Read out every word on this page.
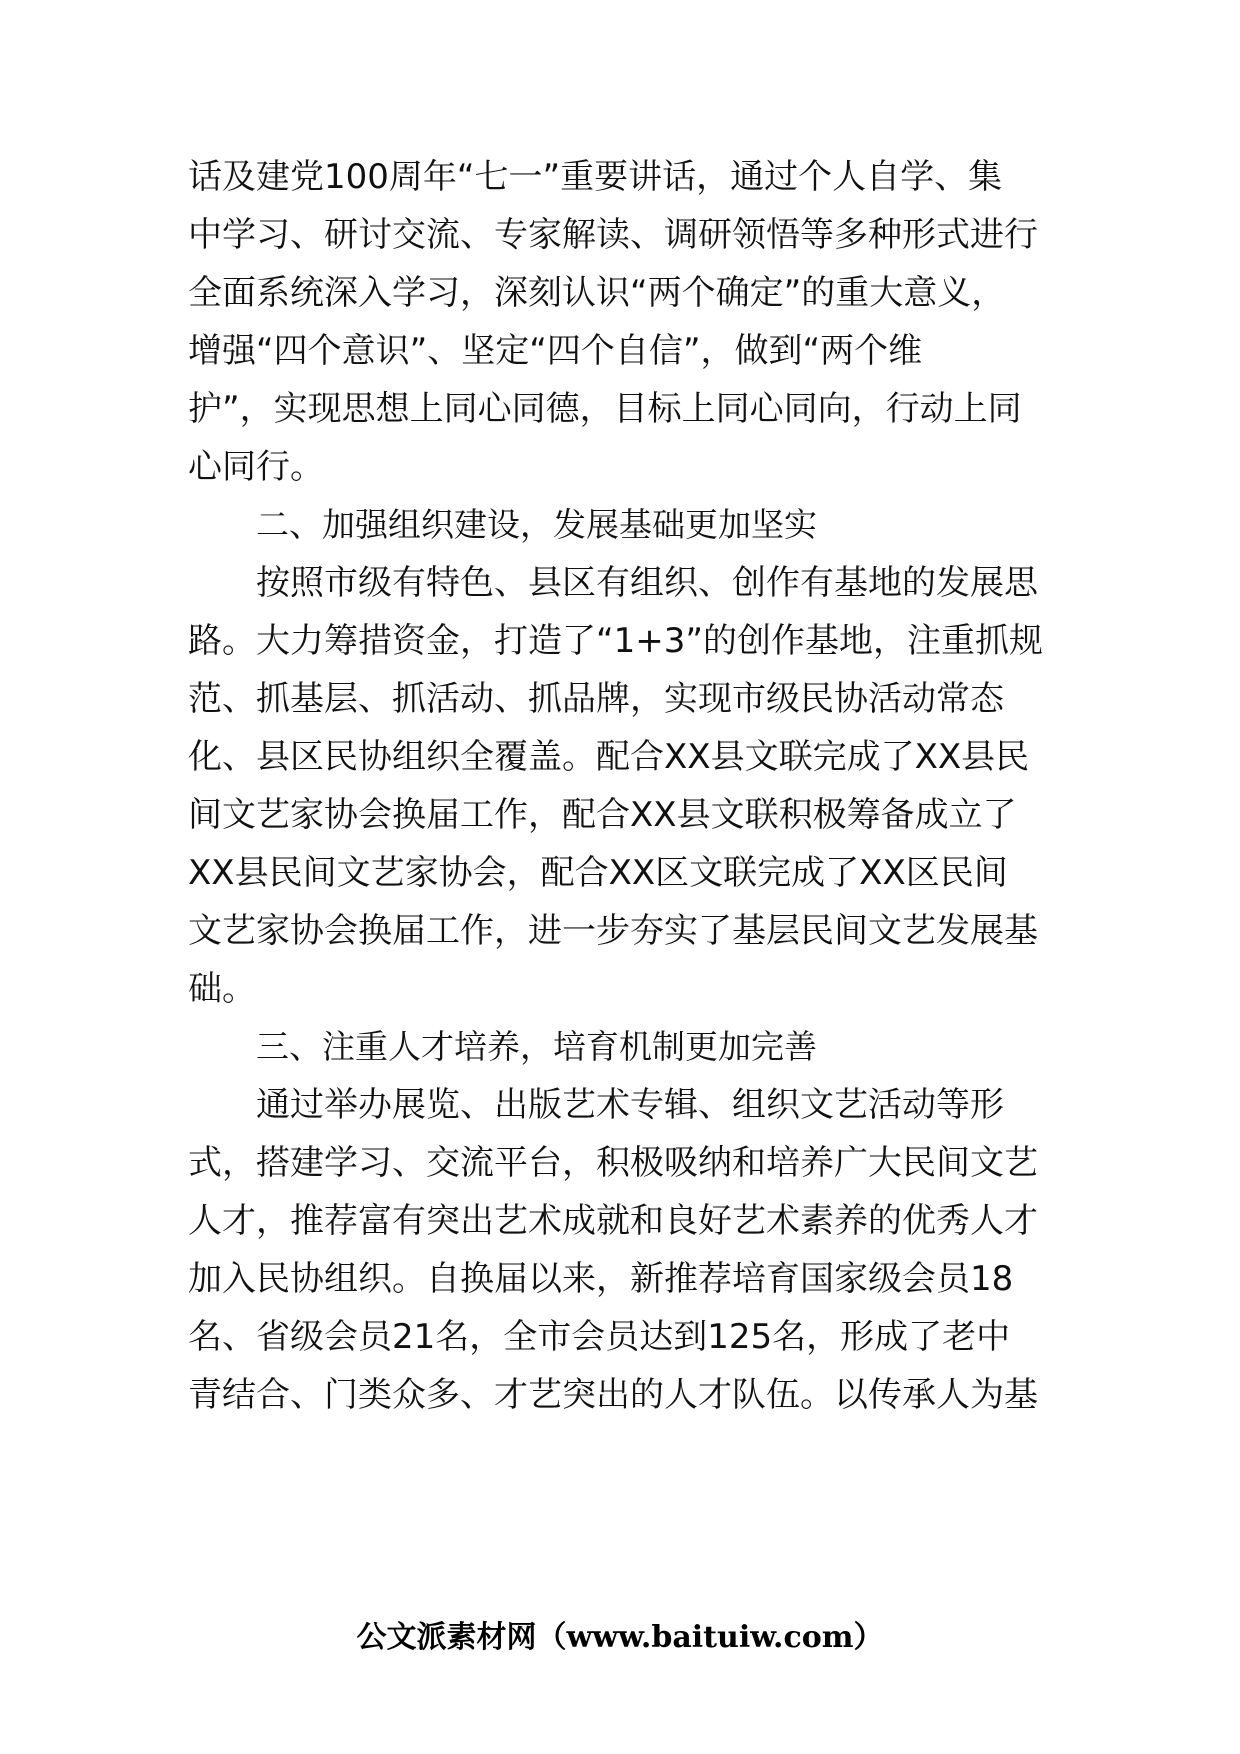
话及建党100周年“七一”重要讲话，通过个人自学、集
中学习、研讨交流、专家解读、调研领悟等多种形式进行
全面系统深入学习，深刻认识“两个确定”的重大意义，
增强“四个意识”、坚定“四个自信”，做到“两个维
护”，实现思想上同心同德，目标上同心同向，行动上同
心同行。
二、加强组织建设，发展基础更加坚实
按照市级有特色、县区有组织、创作有基地的发展思
路。大力筹措资金，打造了“1+3”的创作基地，注重抓规
范、抓基层、抓活动、抓品牌，实现市级民协活动常态
化、县区民协组织全覆盖。配合XX县文联完成了XX县民
间文艺家协会换届工作，配合XX县文联积极筹备成立了
XX县民间文艺家协会，配合XX区文联完成了XX区民间
文艺家协会换届工作，进一步夯实了基层民间文艺发展基
础。
三、注重人才培养，培育机制更加完善
通过举办展览、出版艺术专辑、组织文艺活动等形
式，搭建学习、交流平台，积极吸纳和培养广大民间文艺
人才，推荐富有突出艺术成就和良好艺术素养的优秀人才
加入民协组织。自换届以来，新推荐培育国家级会员18
名、省级会员21名，全市会员达到125名，形成了老中
青结合、门类众多、才艺突出的人才队伍。以传承人为基
公文派素材网（www.baituiw.com）
